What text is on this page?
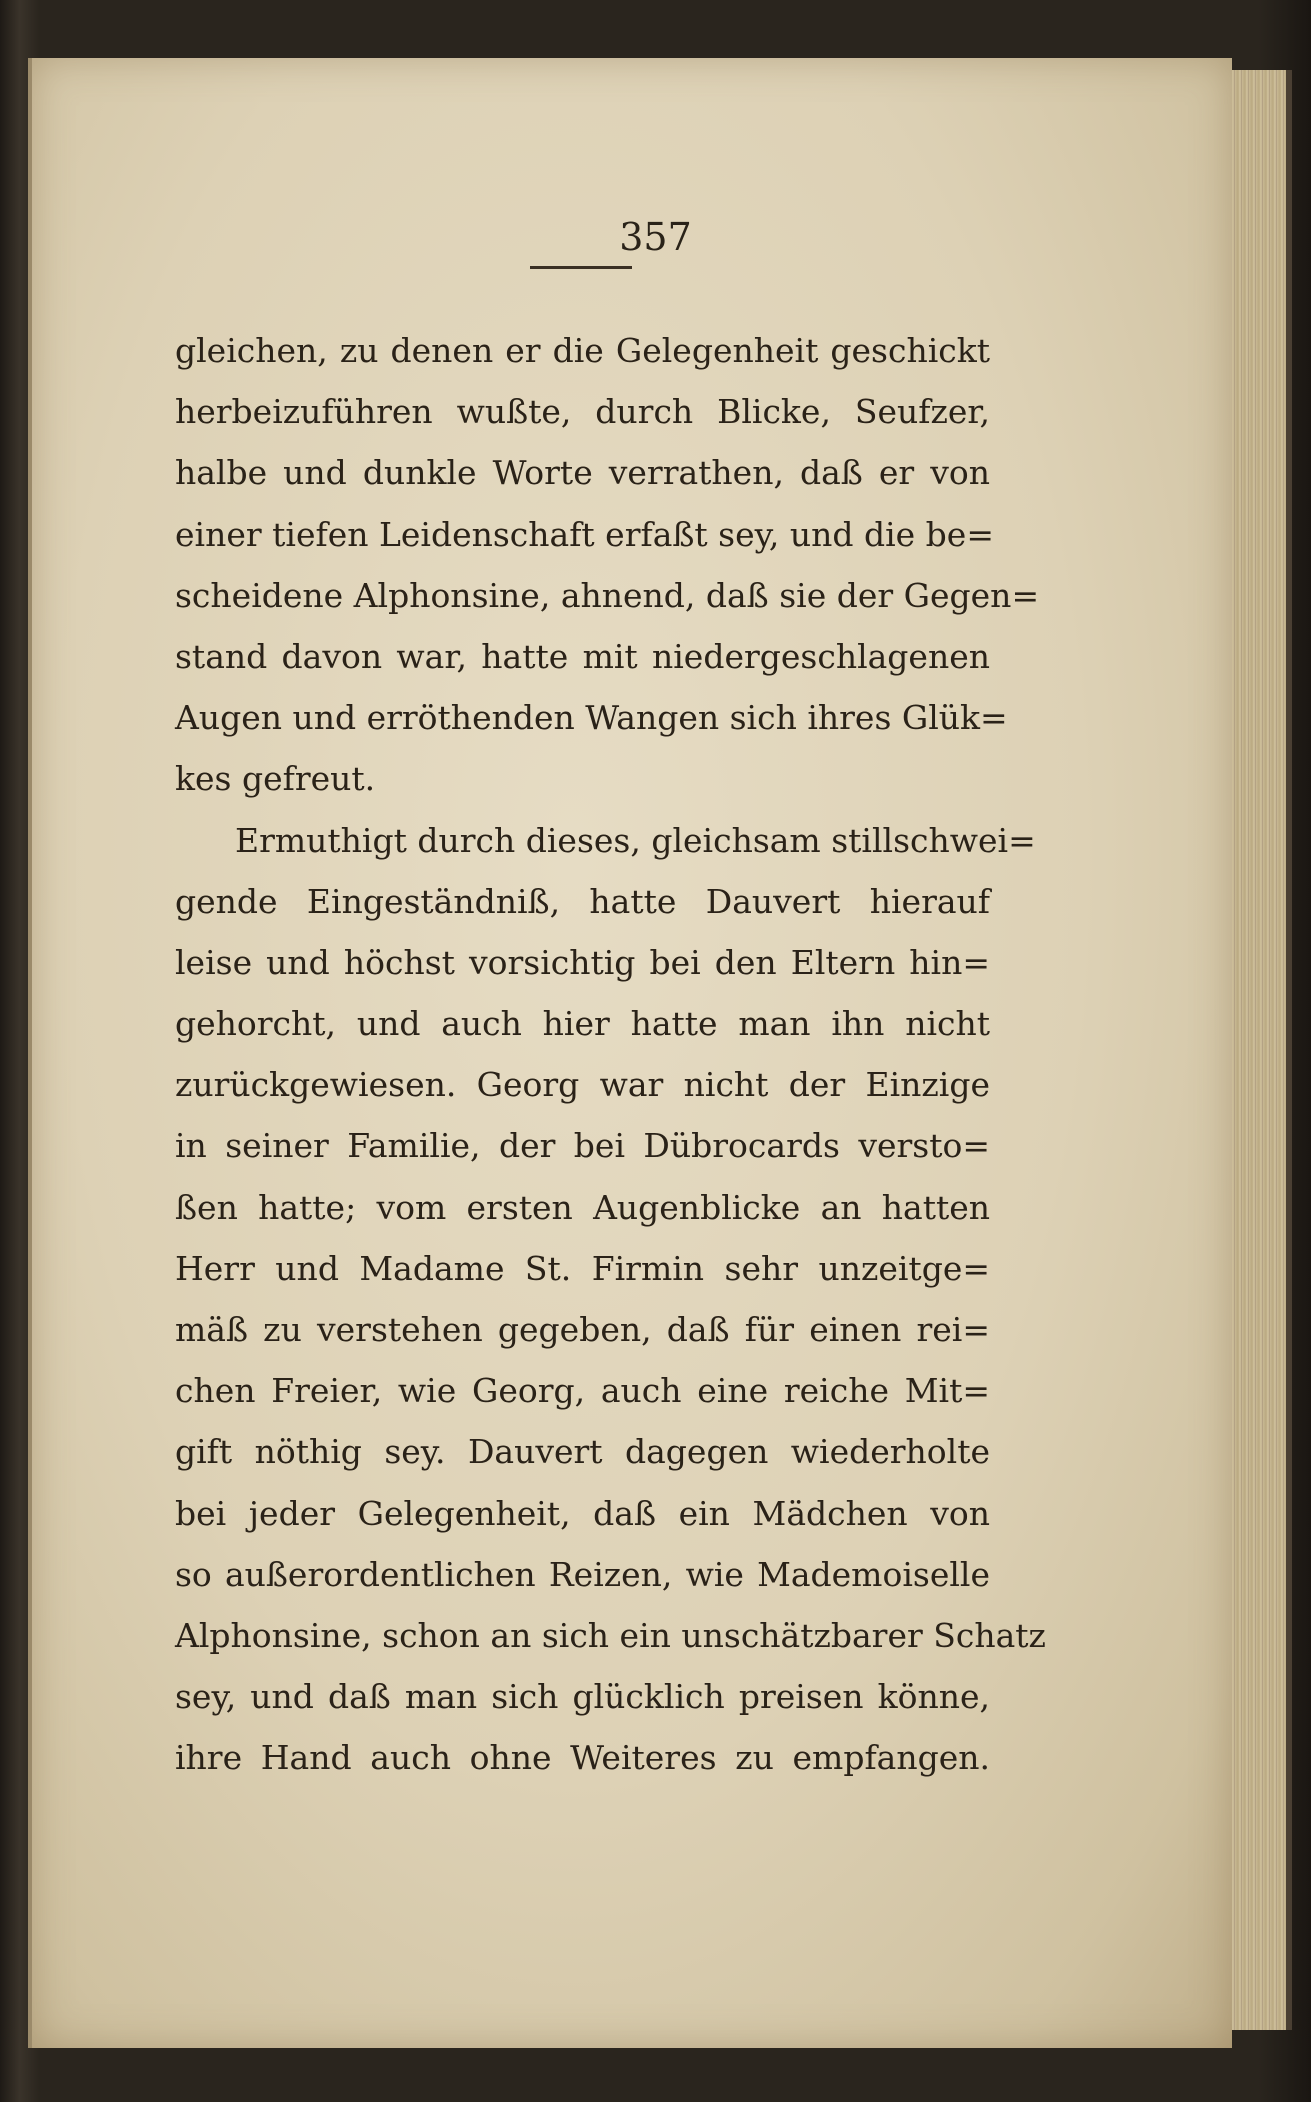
357
gleichen, zu denen er die Gelegenheit geschickt
herbeizuführen wußte, durch Blicke, Seufzer,
halbe und dunkle Worte verrathen, daß er von
einer tiefen Leidenschaft erfaßt sey, und die be=
scheidene Alphonsine, ahnend, daß sie der Gegen=
stand davon war, hatte mit niedergeschlagenen
Augen und erröthenden Wangen sich ihres Glük=
kes gefreut.
Ermuthigt durch dieses, gleichsam stillschwei=
gende Eingeständniß, hatte Dauvert hierauf
leise und höchst vorsichtig bei den Eltern hin=
gehorcht, und auch hier hatte man ihn nicht
zurückgewiesen. Georg war nicht der Einzige
in seiner Familie, der bei Dübrocards versto=
ßen hatte; vom ersten Augenblicke an hatten
Herr und Madame St. Firmin sehr unzeitge=
mäß zu verstehen gegeben, daß für einen rei=
chen Freier, wie Georg, auch eine reiche Mit=
gift nöthig sey. Dauvert dagegen wiederholte
bei jeder Gelegenheit, daß ein Mädchen von
so außerordentlichen Reizen, wie Mademoiselle
Alphonsine, schon an sich ein unschätzbarer Schatz
sey, und daß man sich glücklich preisen könne,
ihre Hand auch ohne Weiteres zu empfangen.
